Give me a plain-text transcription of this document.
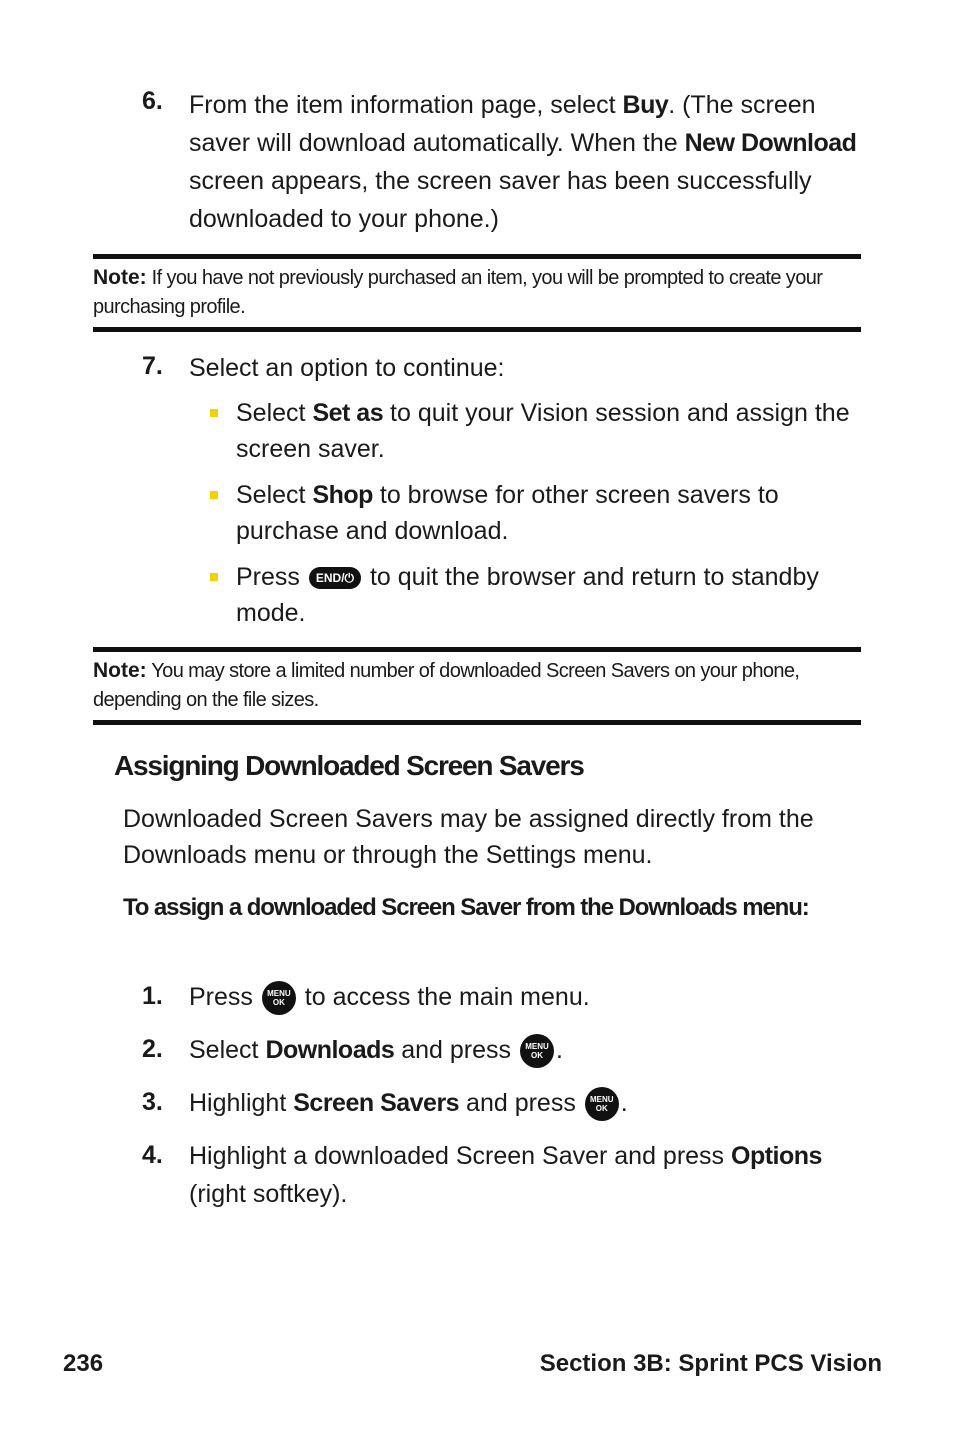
6. From the item information page, select Buy. (The screen saver will download automatically. When the New Download screen appears, the screen saver has been successfully downloaded to your phone.)
Note: If you have not previously purchased an item, you will be prompted to create your purchasing profile.
7. Select an option to continue:
Select Set as to quit your Vision session and assign the screen saver.
Select Shop to browse for other screen savers to purchase and download.
Press END/⏻ to quit the browser and return to standby mode.
Note: You may store a limited number of downloaded Screen Savers on your phone, depending on the file sizes.
Assigning Downloaded Screen Savers
Downloaded Screen Savers may be assigned directly from the Downloads menu or through the Settings menu.
To assign a downloaded Screen Saver from the Downloads menu:
1. Press MENU
OK to access the main menu.
2. Select Downloads and press MENU
OK .
3. Highlight Screen Savers and press MENU
OK .
4. Highlight a downloaded Screen Saver and press Options (right softkey).
236	Section 3B: Sprint PCS Vision
